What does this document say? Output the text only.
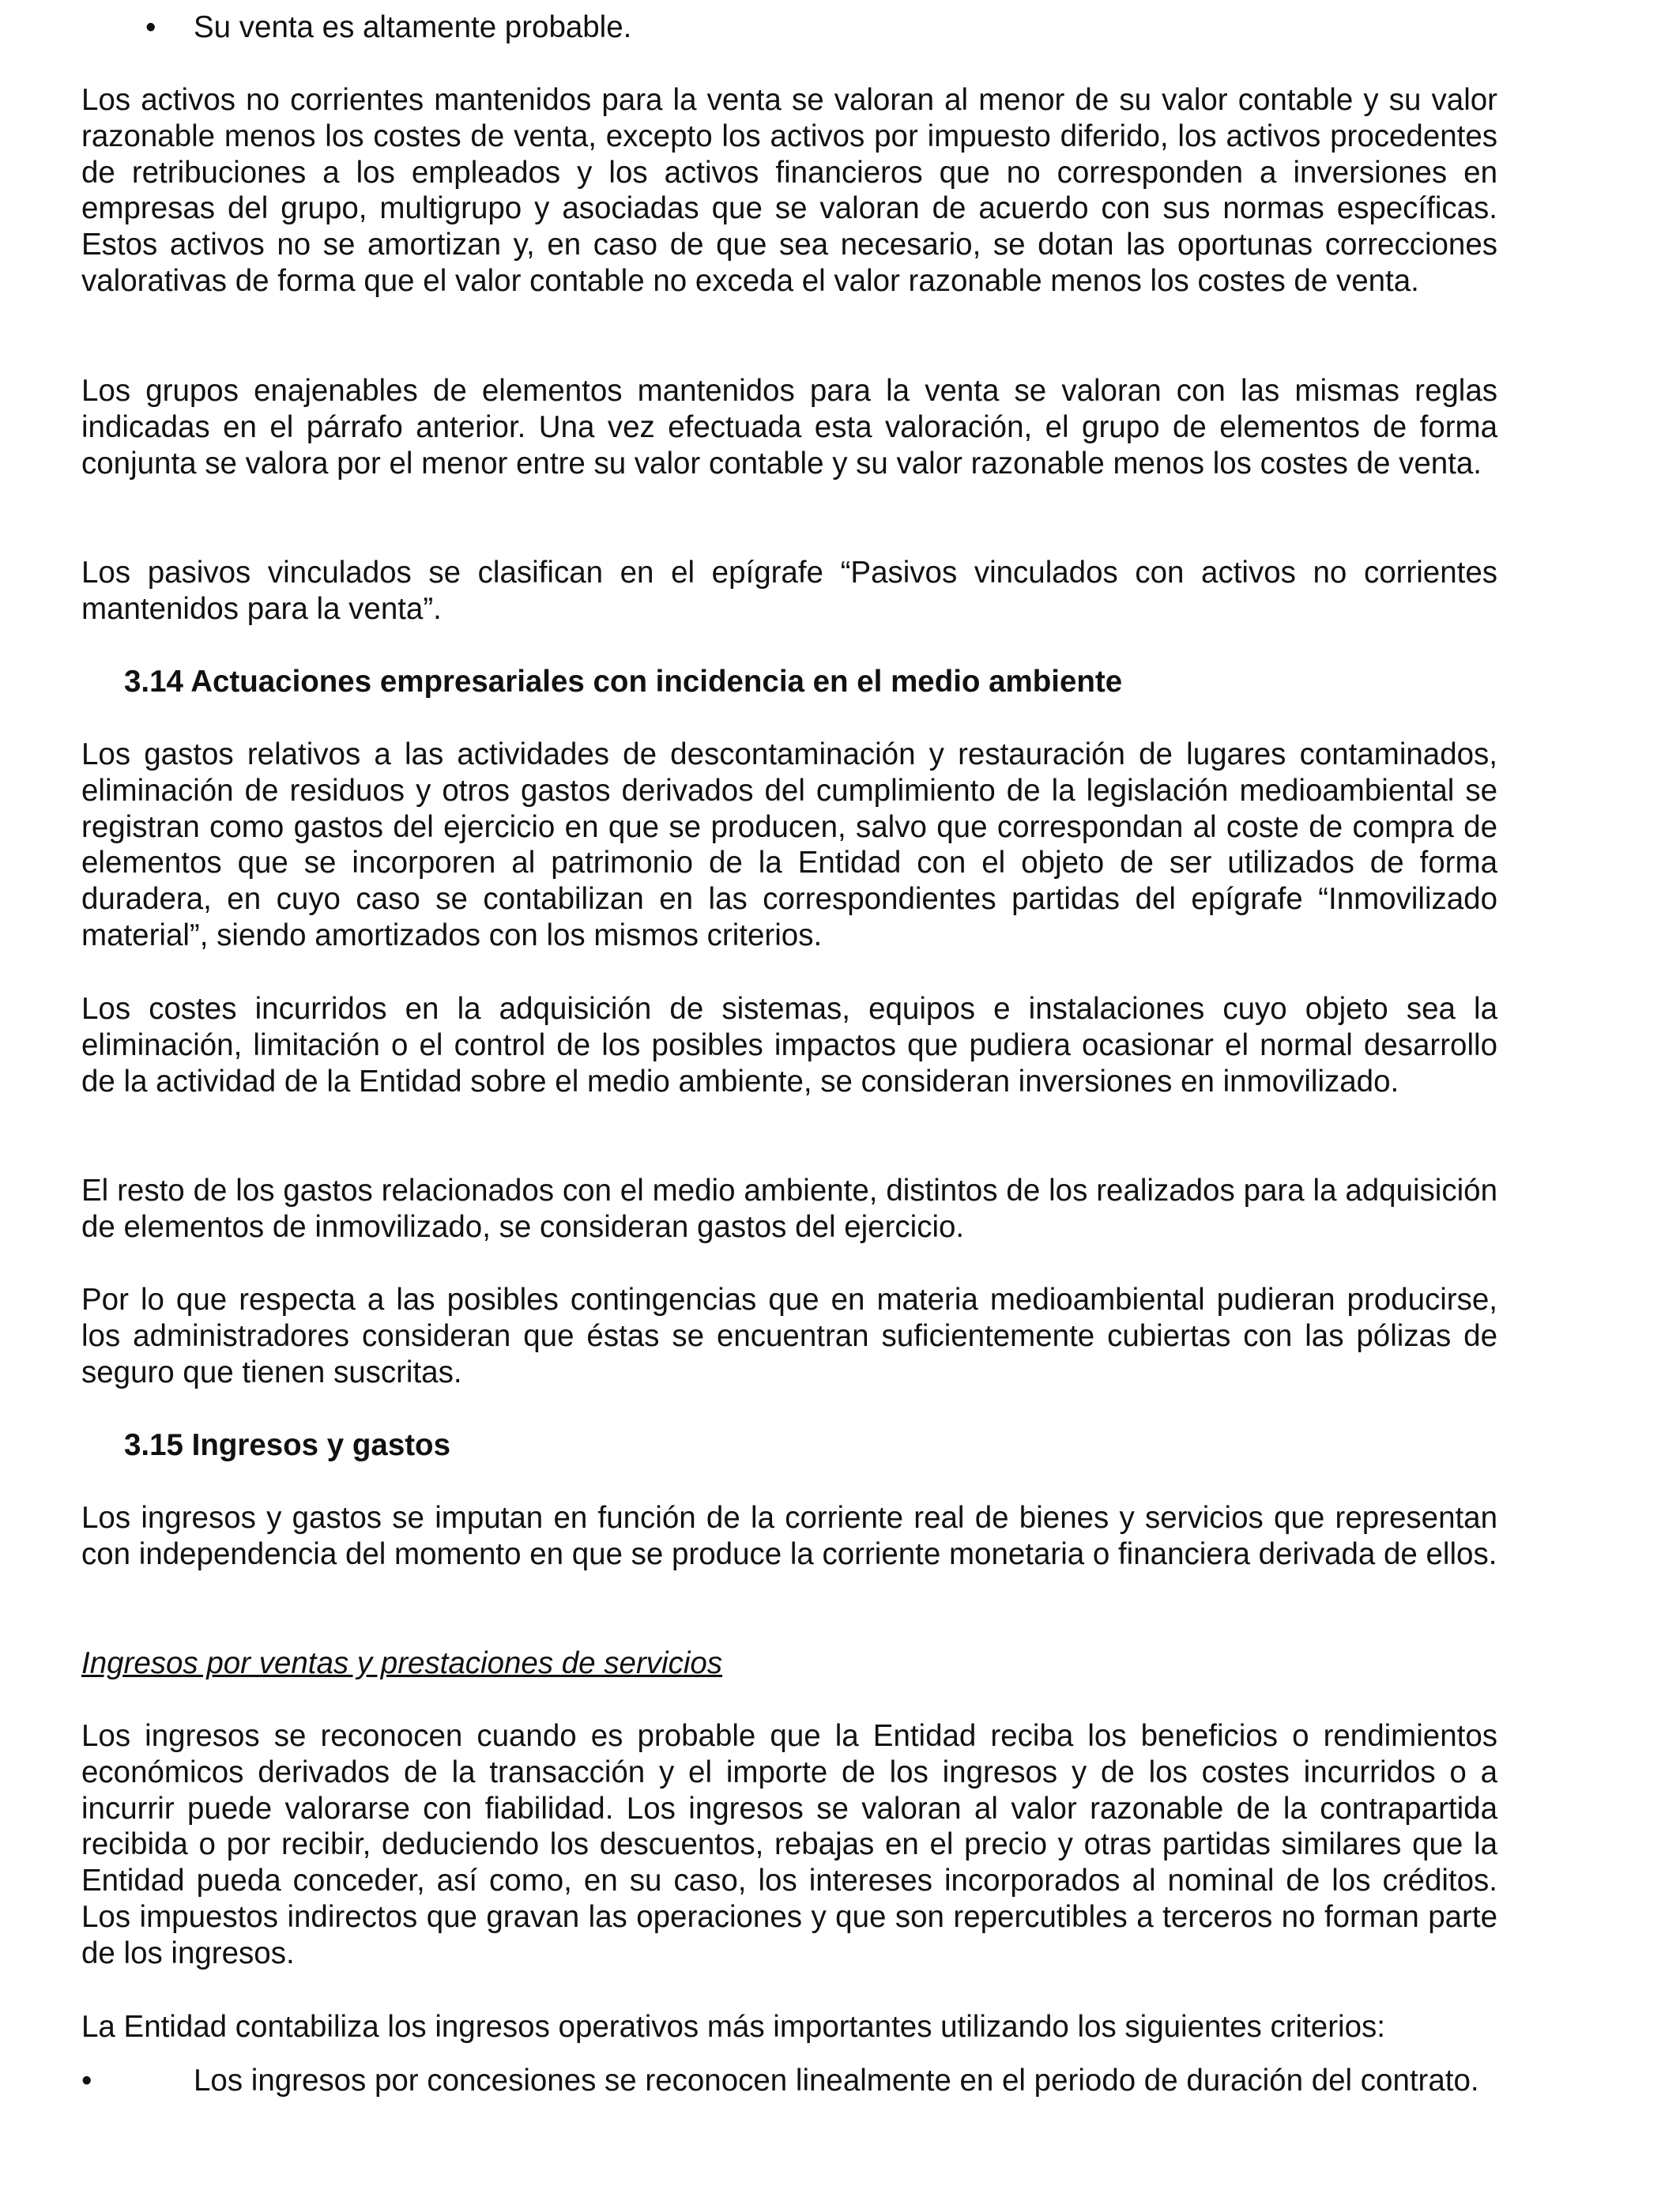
• Su venta es altamente probable.

Los activos no corrientes mantenidos para la venta se valoran al menor de su valor contable y su valor razonable menos los costes de venta, excepto los activos por impuesto diferido, los activos procedentes de retribuciones a los empleados y los activos financieros que no corresponden a inversiones en empresas del grupo, multigrupo y asociadas que se valoran de acuerdo con sus normas específicas. Estos activos no se amortizan y, en caso de que sea necesario, se dotan las oportunas correcciones valorativas de forma que el valor contable no exceda el valor razonable menos los costes de venta.

Los grupos enajenables de elementos mantenidos para la venta se valoran con las mismas reglas indicadas en el párrafo anterior. Una vez efectuada esta valoración, el grupo de elementos de forma conjunta se valora por el menor entre su valor contable y su valor razonable menos los costes de venta.

Los pasivos vinculados se clasifican en el epígrafe “Pasivos vinculados con activos no corrientes mantenidos para la venta”.

3.14 Actuaciones empresariales con incidencia en el medio ambiente

Los gastos relativos a las actividades de descontaminación y restauración de lugares contaminados, eliminación de residuos y otros gastos derivados del cumplimiento de la legislación medioambiental se registran como gastos del ejercicio en que se producen, salvo que correspondan al coste de compra de elementos que se incorporen al patrimonio de la Entidad con el objeto de ser utilizados de forma duradera, en cuyo caso se contabilizan en las correspondientes partidas del epígrafe “Inmovilizado material”, siendo amortizados con los mismos criterios.

Los costes incurridos en la adquisición de sistemas, equipos e instalaciones cuyo objeto sea la eliminación, limitación o el control de los posibles impactos que pudiera ocasionar el normal desarrollo de la actividad de la Entidad sobre el medio ambiente, se consideran inversiones en inmovilizado.

El resto de los gastos relacionados con el medio ambiente, distintos de los realizados para la adquisición de elementos de inmovilizado, se consideran gastos del ejercicio.

Por lo que respecta a las posibles contingencias que en materia medioambiental pudieran producirse, los administradores consideran que éstas se encuentran suficientemente cubiertas con las pólizas de seguro que tienen suscritas.

3.15 Ingresos y gastos

Los ingresos y gastos se imputan en función de la corriente real de bienes y servicios que representan con independencia del momento en que se produce la corriente monetaria o financiera derivada de ellos.

Ingresos por ventas y prestaciones de servicios

Los ingresos se reconocen cuando es probable que la Entidad reciba los beneficios o rendimientos económicos derivados de la transacción y el importe de los ingresos y de los costes incurridos o a incurrir puede valorarse con fiabilidad. Los ingresos se valoran al valor razonable de la contrapartida recibida o por recibir, deduciendo los descuentos, rebajas en el precio y otras partidas similares que la Entidad pueda conceder, así como, en su caso, los intereses incorporados al nominal de los créditos. Los impuestos indirectos que gravan las operaciones y que son repercutibles a terceros no forman parte de los ingresos.

La Entidad contabiliza los ingresos operativos más importantes utilizando los siguientes criterios:

•	Los ingresos por concesiones se reconocen linealmente en el periodo de duración del contrato.
